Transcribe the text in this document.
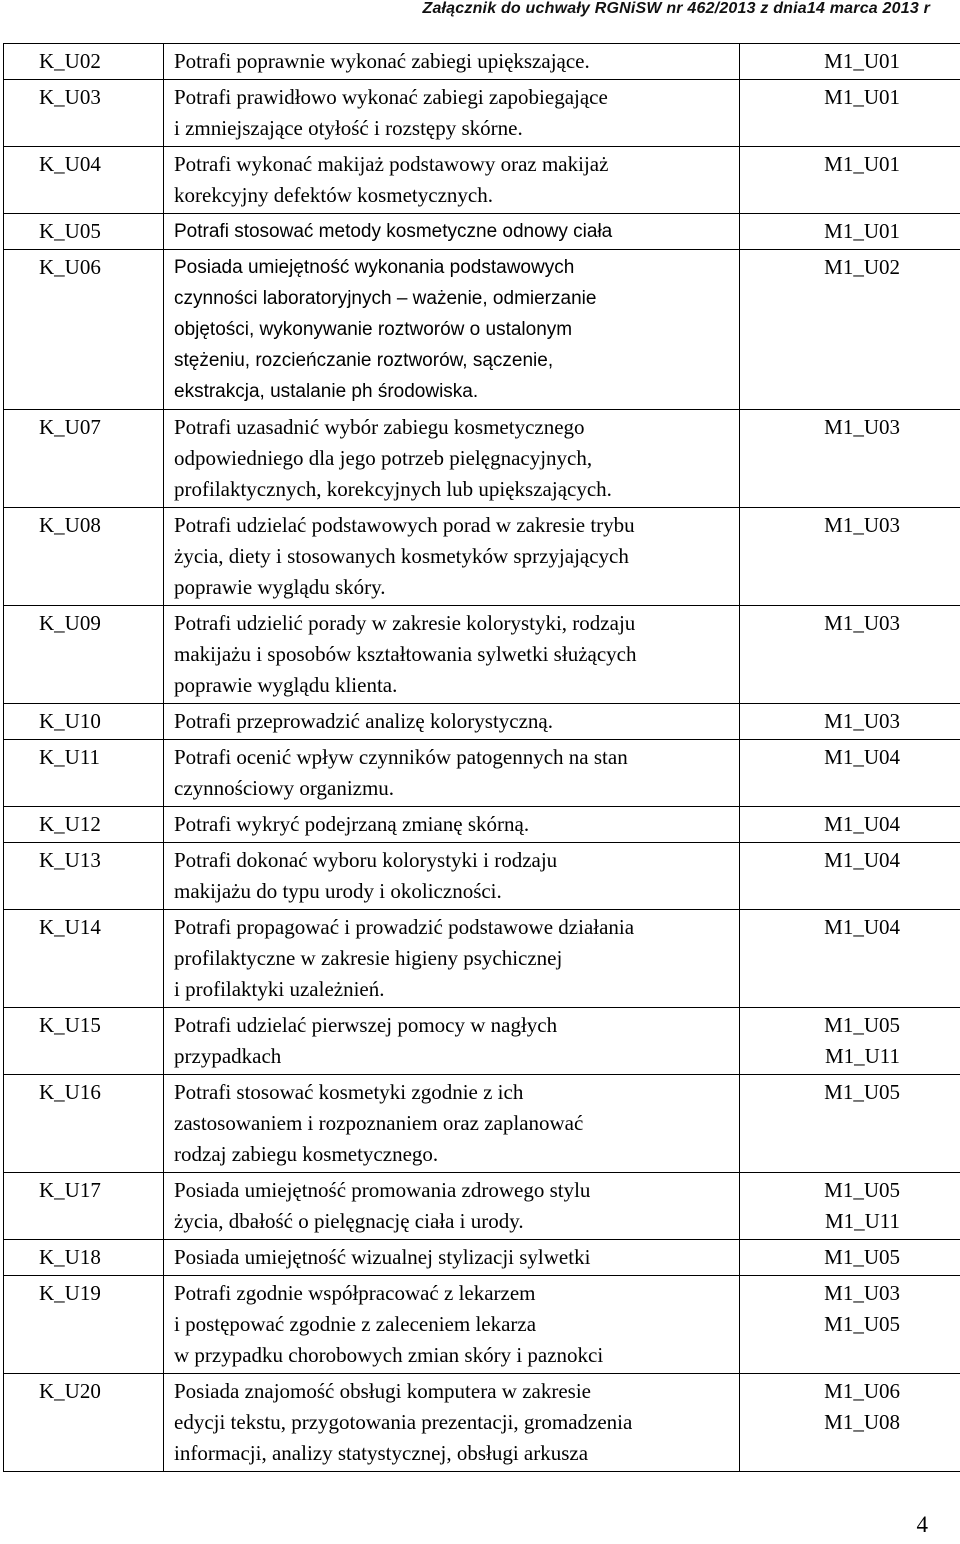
Załącznik do uchwały RGNiSW nr 462/2013 z dnia14 marca 2013 r
K_U02	Potrafi poprawnie wykonać zabiegi upiększające.	M1_U01

K_U03	Potrafi prawidłowo wykonać zabiegi zapobiegające
i zmniejszające otyłość i rozstępy skórne.	M1_U01

K_U04	Potrafi wykonać makijaż podstawowy oraz makijaż
korekcyjny defektów kosmetycznych.	M1_U01

K_U05	Potrafi stosować metody kosmetyczne odnowy ciała	M1_U01

K_U06	Posiada umiejętność wykonania podstawowych
czynności laboratoryjnych – ważenie, odmierzanie
objętości, wykonywanie roztworów o ustalonym
stężeniu, rozcieńczanie roztworów, sączenie,
ekstrakcja, ustalanie ph środowiska.	M1_U02

K_U07	Potrafi uzasadnić wybór zabiegu kosmetycznego
odpowiedniego dla jego potrzeb pielęgnacyjnych,
profilaktycznych, korekcyjnych lub upiększających.	M1_U03

K_U08	Potrafi udzielać podstawowych porad w zakresie trybu
życia, diety i stosowanych kosmetyków sprzyjających
poprawie wyglądu skóry.	M1_U03

K_U09	Potrafi udzielić porady w zakresie kolorystyki, rodzaju
makijażu i sposobów kształtowania sylwetki służących
poprawie wyglądu klienta.	M1_U03

K_U10	Potrafi przeprowadzić analizę kolorystyczną.	M1_U03

K_U11	Potrafi ocenić wpływ czynników patogennych na stan
czynnościowy organizmu.	M1_U04

K_U12	Potrafi wykryć podejrzaną zmianę skórną.	M1_U04

K_U13	Potrafi dokonać wyboru kolorystyki i rodzaju
makijażu do typu urody i okoliczności.	M1_U04

K_U14	Potrafi propagować i prowadzić podstawowe działania
profilaktyczne w zakresie higieny psychicznej
i profilaktyki uzależnień.	M1_U04

K_U15	Potrafi udzielać pierwszej pomocy w nagłych
przypadkach	M1_U05
M1_U11

K_U16	Potrafi stosować kosmetyki zgodnie z ich
zastosowaniem i rozpoznaniem oraz zaplanować
rodzaj zabiegu kosmetycznego.	M1_U05

K_U17	Posiada umiejętność promowania zdrowego stylu
życia, dbałość o pielęgnację ciała i urody.	M1_U05
M1_U11

K_U18	Posiada umiejętność wizualnej stylizacji sylwetki	M1_U05

K_U19	Potrafi zgodnie współpracować z lekarzem
i postępować zgodnie z zaleceniem lekarza
w przypadku chorobowych zmian skóry i paznokci	M1_U03
M1_U05

K_U20	Posiada znajomość obsługi komputera w zakresie
edycji tekstu, przygotowania prezentacji, gromadzenia
informacji, analizy statystycznej, obsługi arkusza	M1_U06
M1_U08
4
